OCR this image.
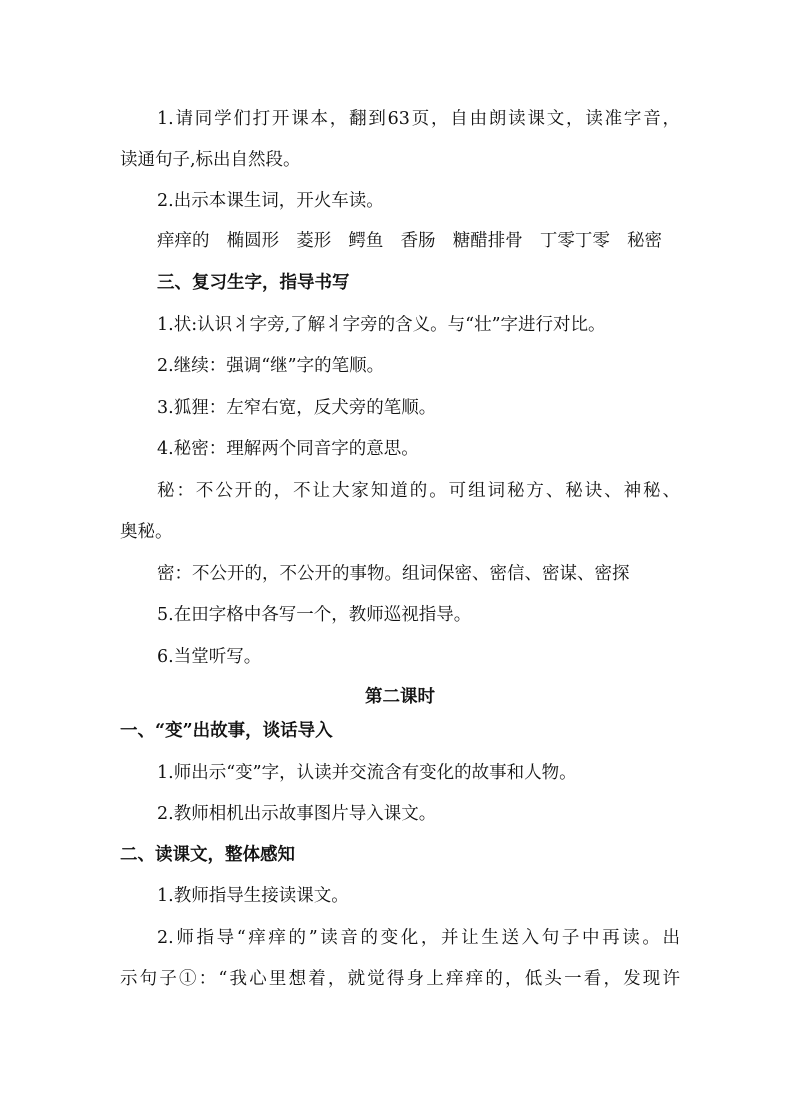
1.请同学们打开课本，翻到63页，自由朗读课文，读准字音，
读通句子,标出自然段。
2.出示本课生词，开火车读。
痒痒的 椭圆形 菱形 鳄鱼 香肠 糖醋排骨 丁零丁零 秘密
三、复习生字，指导书写
1.状:认识丬字旁,了解丬字旁的含义。与“壮”字进行对比。
2.继续：强调“继”字的笔顺。
3.狐狸：左窄右宽，反犬旁的笔顺。
4.秘密：理解两个同音字的意思。
秘：不公开的，不让大家知道的。可组词秘方、秘诀、神秘、
奥秘。
密：不公开的，不公开的事物。组词保密、密信、密谋、密探
5.在田字格中各写一个，教师巡视指导。
6.当堂听写。
第二课时
一、“变”出故事，谈话导入
1.师出示“变”字，认读并交流含有变化的故事和人物。
2.教师相机出示故事图片导入课文。
二、读课文，整体感知
1.教师指导生接读课文。
2.师指导“痒痒的”读音的变化，并让生送入句子中再读。出
示句子①：“我心里想着，就觉得身上痒痒的，低头一看，发现许
